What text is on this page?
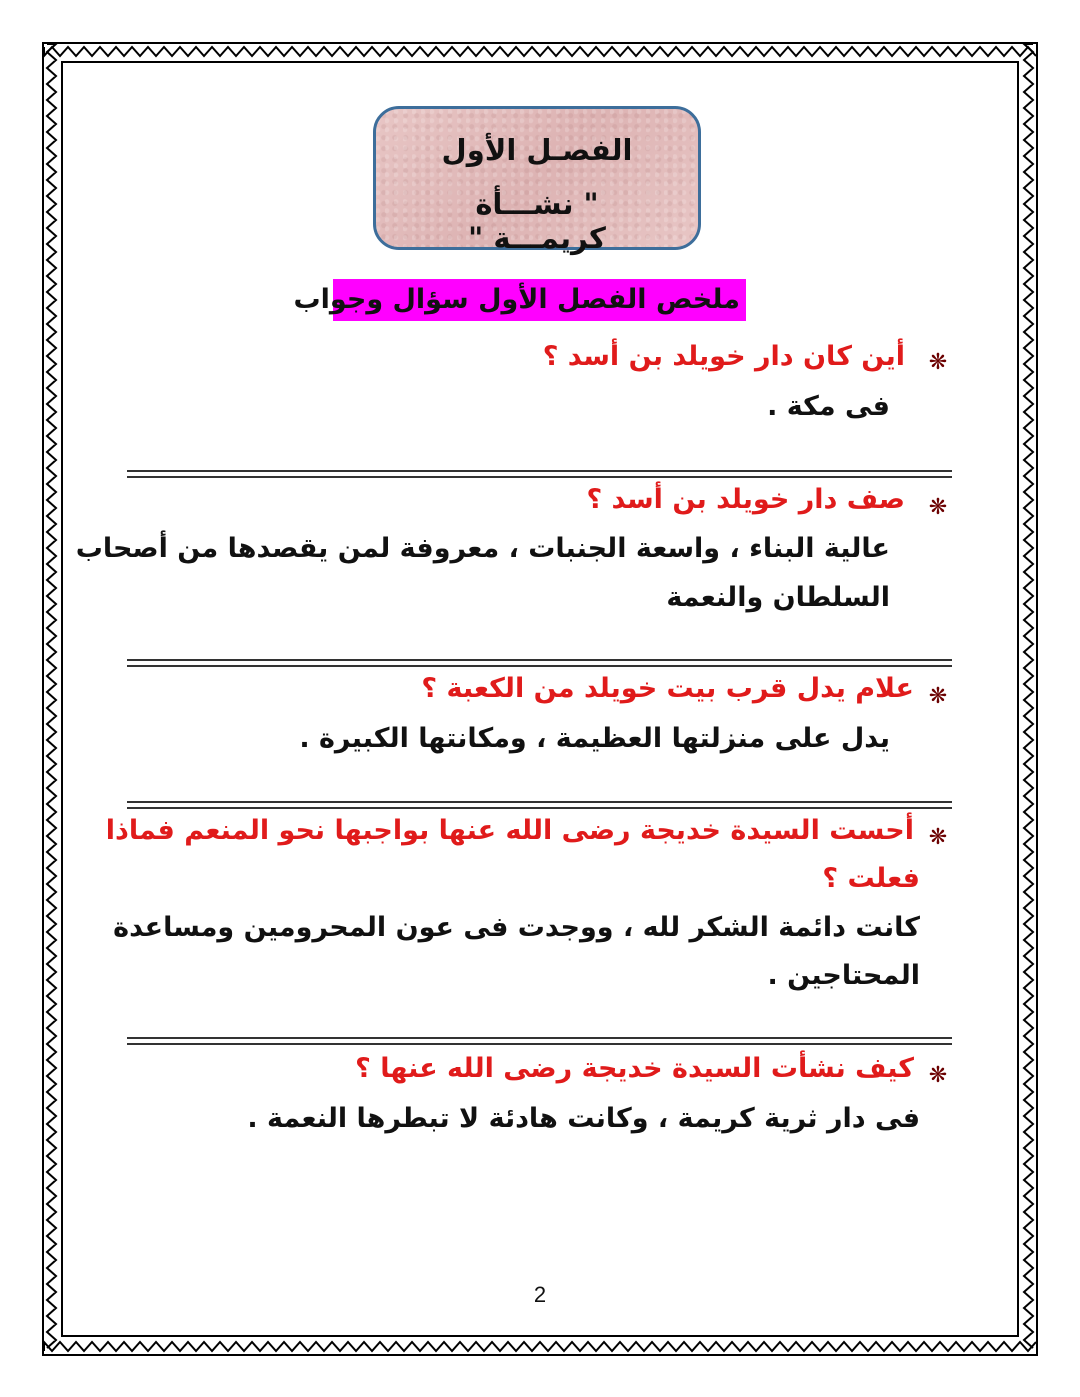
الفصـل الأول
" نشـــأة كريمـــة "
ملخص الفصل الأول سؤال وجواب
❋
أين كان دار خويلد بن أسد ؟
فى مكة .
❋
صف دار خويلد بن أسد ؟
عالية البناء ، واسعة الجنبات ، معروفة لمن يقصدها من أصحاب
السلطان والنعمة
❋
علام يدل قرب بيت خويلد من الكعبة ؟
يدل على منزلتها العظيمة ، ومكانتها الكبيرة .
❋
أحست السيدة خديجة رضى الله عنها بواجبها نحو المنعم فماذا
فعلت ؟
كانت دائمة الشكر لله ، ووجدت فى عون المحرومين ومساعدة
المحتاجين .
❋
كيف نشأت السيدة خديجة رضى الله عنها ؟
فى دار ثرية كريمة ، وكانت هادئة لا تبطرها النعمة .
2
